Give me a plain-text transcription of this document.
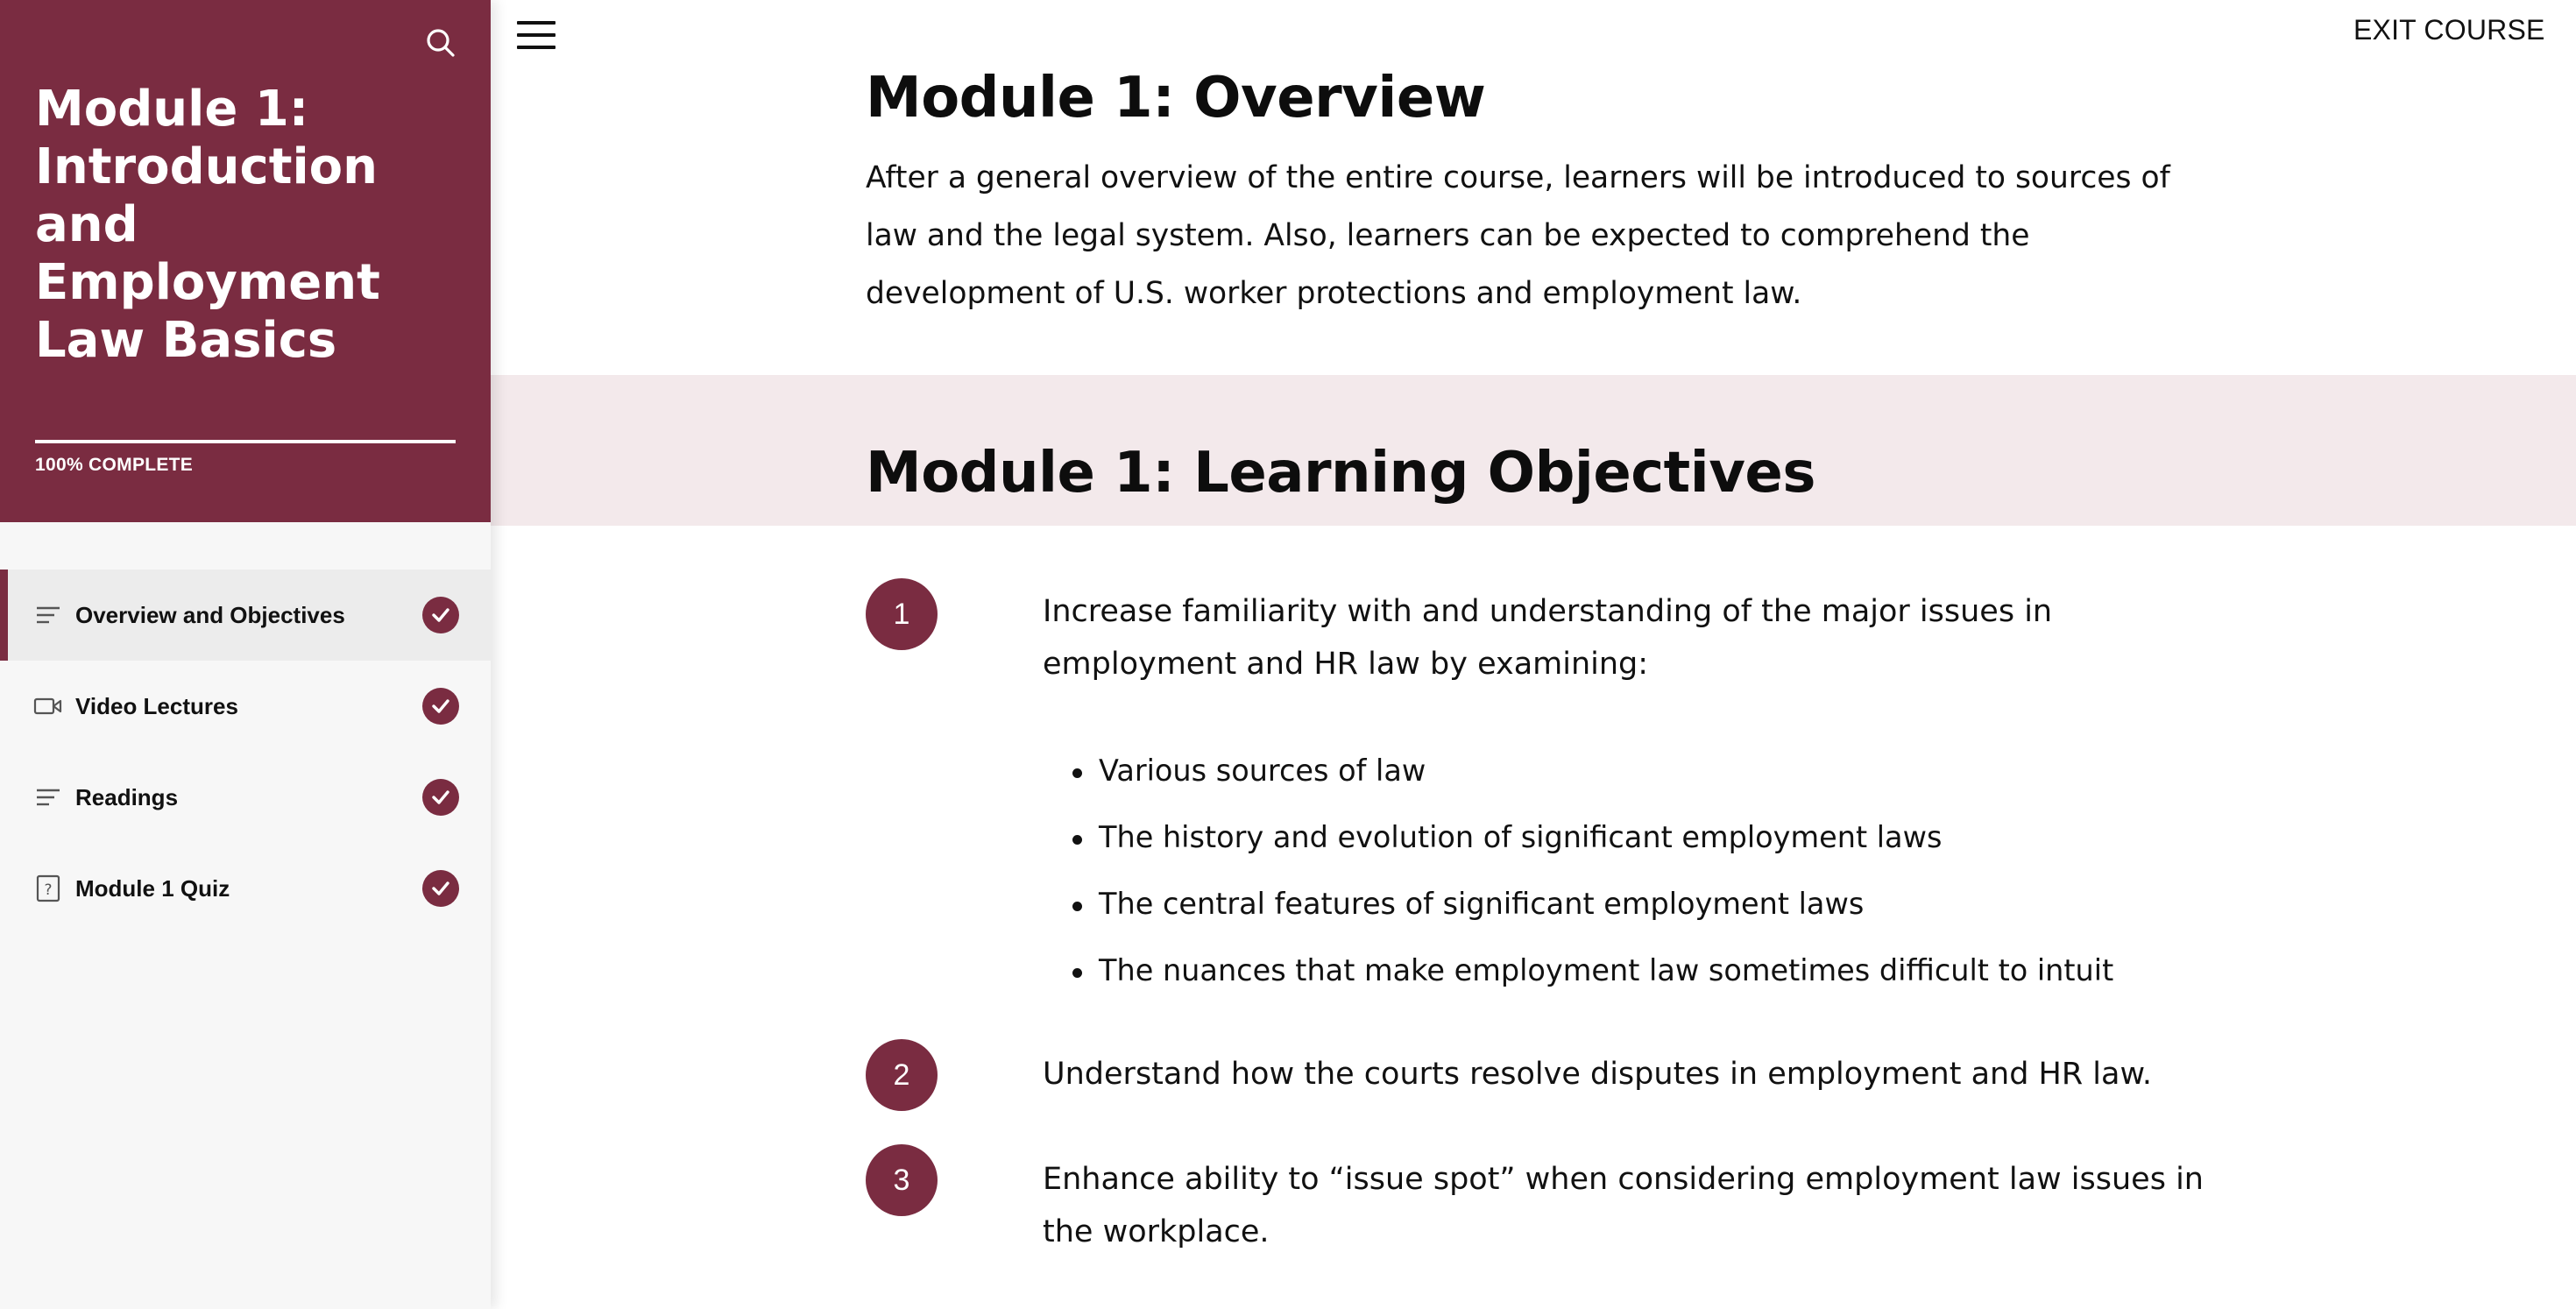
Module 1: Introduction and Employment Law Basics
100% COMPLETE
Overview and Objectives
Video Lectures
Readings
? Module 1 Quiz
EXIT COURSE
Module 1: Overview

After a general overview of the entire course, learners will be introduced to sources of law and the legal system. Also, learners can be expected to comprehend the development of U.S. worker protections and employment law.

Module 1: Learning Objectives
1	Increase familiarity with and understanding of the major issues in employment and HR law by examining:

Various sources of law
The history and evolution of significant employment laws
The central features of significant employment laws
The nuances that make employment law sometimes difficult to intuit
2	Understand how the courts resolve disputes in employment and HR law.

3	Enhance ability to “issue spot” when considering employment law issues in the workplace.
